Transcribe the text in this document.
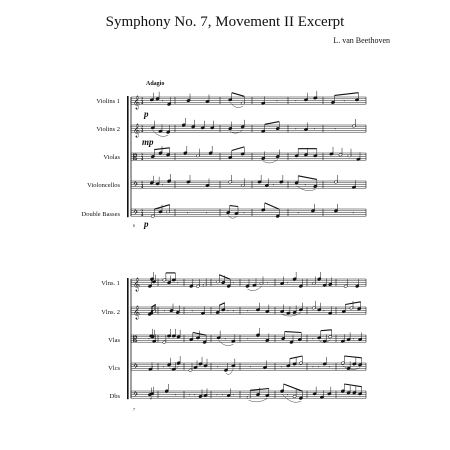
Symphony No. 7, Movement II Excerpt
L. van Beethoven
Adagio
Violins 1
Violins 2
Violas
Violoncellos
Double Basses
Vlns. 1
Vlns. 2
Vlas
Vlcs
Dbs
p
mp
p
6
7
𝄞 2
4
𝄞 2
4
𝄡 2
4
𝄢 2
4
𝄢 2
4
𝄾	𝄾	𝄾	𝄾
𝄾	𝄾	𝄾
𝄾	𝄾	𝄾
𝄾	𝄾	𝄾	𝄾	𝄾
𝄞
𝄞
𝄡
𝄢
𝄢
𝄾	𝄾	𝄾	𝄾
𝄾	𝄾	𝄾 𝄾	𝄾	𝄾
𝄾	𝄾	𝄾	𝄾	𝄾
𝄾 𝄾	𝄾	𝄾	𝄾	𝄾 𝄾 𝄾
𝄾	𝄾	𝄾 𝄾	𝄾 𝄾 𝄾	𝄾
